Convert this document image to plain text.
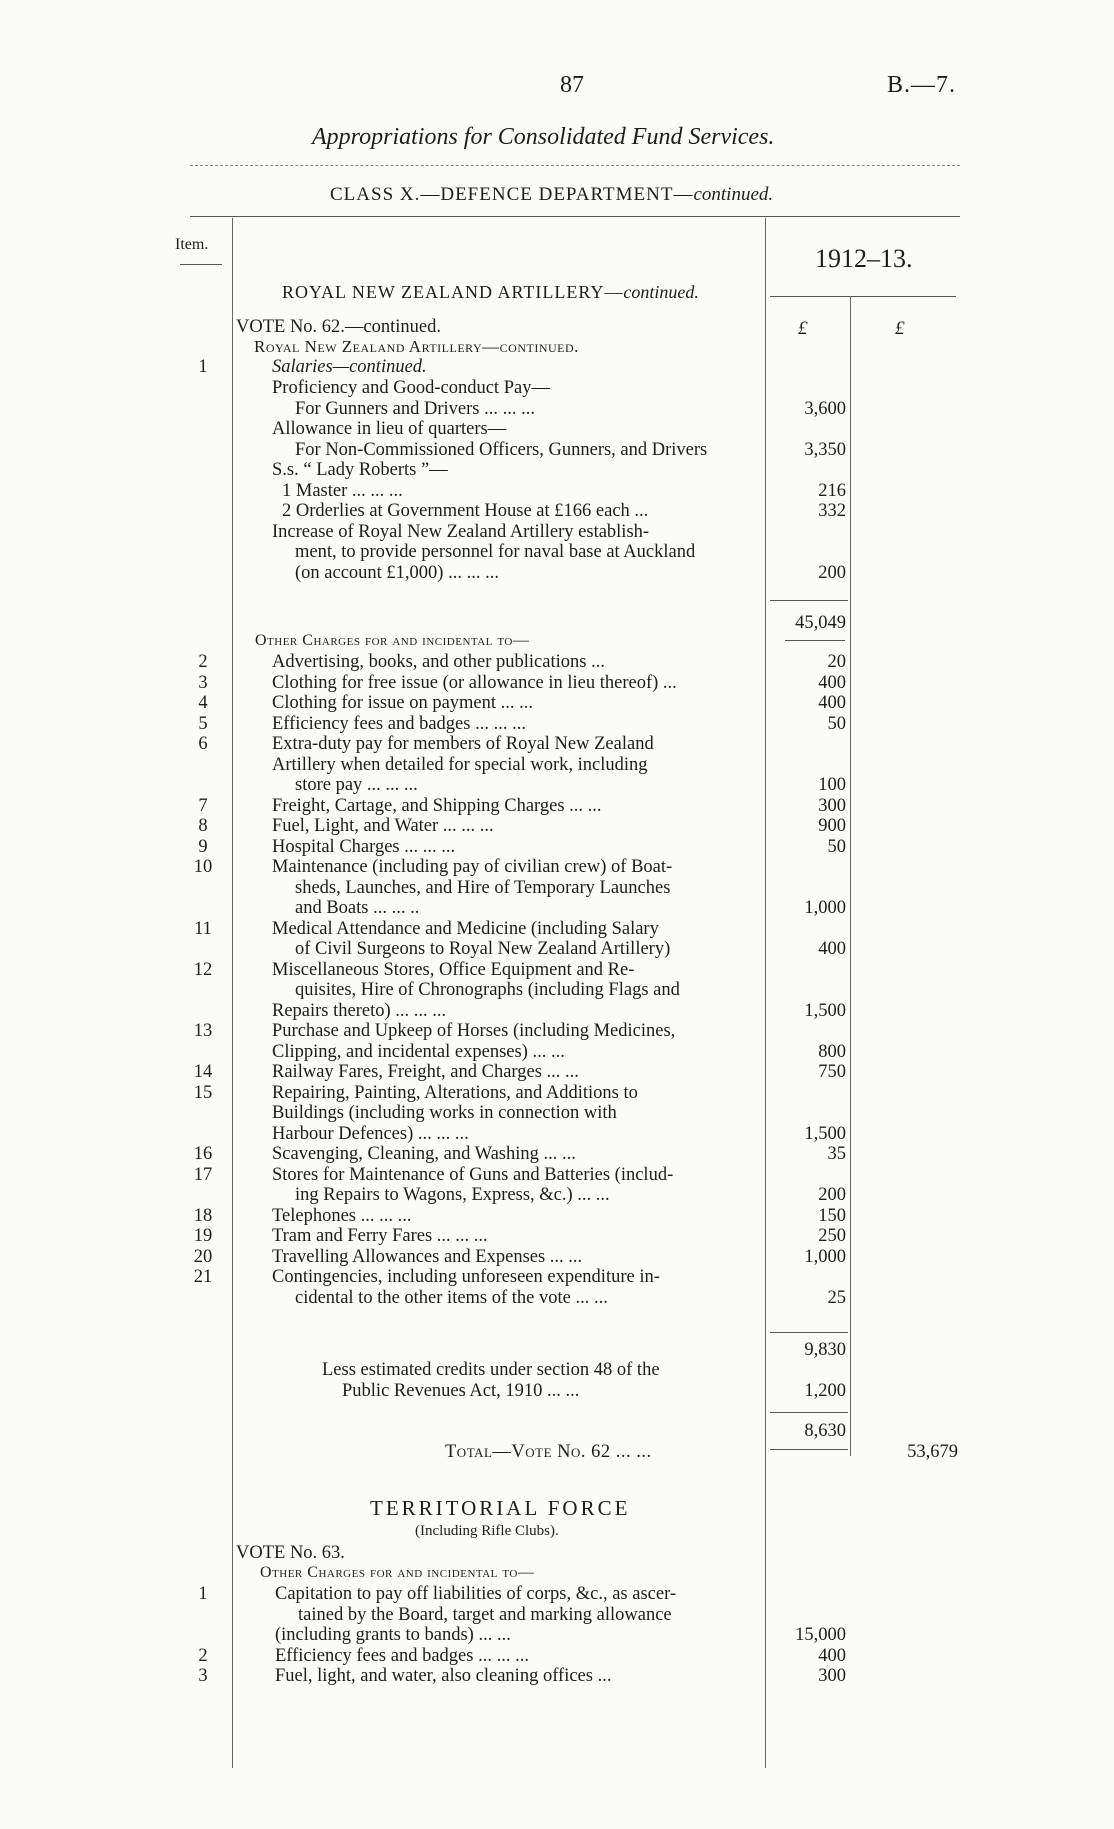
87	B.—7.
Appropriations for Consolidated Fund Services.
CLASS X.—DEFENCE DEPARTMENT—continued.
Item.	1912–13.
ROYAL NEW ZEALAND ARTILLERY—continued.
£	£
VOTE No. 62.—continued.
Royal New Zealand Artillery—continued.
1	Salaries—continued.
Proficiency and Good-conduct Pay—
For Gunners and Drivers ... ... ...	3,600
Allowance in lieu of quarters—
For Non-Commissioned Officers, Gunners, and Drivers	3,350
S.s. “ Lady Roberts ”—
1 Master ... ... ...	216
2 Orderlies at Government House at £166 each ...	332
Increase of Royal New Zealand Artillery establish-
ment, to provide personnel for naval base at Auckland
(on account £1,000) ... ... ...	200
45,049
Other Charges for and incidental to—
2	Advertising, books, and other publications ...	20
3	Clothing for free issue (or allowance in lieu thereof) ...	400
4	Clothing for issue on payment ... ...	400
5	Efficiency fees and badges ... ... ...	50
6	Extra-duty pay for members of Royal New Zealand
Artillery when detailed for special work, including
store pay ... ... ...	100
7	Freight, Cartage, and Shipping Charges ... ...	300
8	Fuel, Light, and Water ... ... ...	900
9	Hospital Charges ... ... ...	50
10	Maintenance (including pay of civilian crew) of Boat-
sheds, Launches, and Hire of Temporary Launches
and Boats ... ... ..	1,000
11	Medical Attendance and Medicine (including Salary
of Civil Surgeons to Royal New Zealand Artillery)	400
12	Miscellaneous Stores, Office Equipment and Re-
quisites, Hire of Chronographs (including Flags and
Repairs thereto) ... ... ...	1,500
13	Purchase and Upkeep of Horses (including Medicines,
Clipping, and incidental expenses) ... ...	800
14	Railway Fares, Freight, and Charges ... ...	750
15	Repairing, Painting, Alterations, and Additions to
Buildings (including works in connection with
Harbour Defences) ... ... ...	1,500
16	Scavenging, Cleaning, and Washing ... ...	35
17	Stores for Maintenance of Guns and Batteries (includ-
ing Repairs to Wagons, Express, &c.) ... ...	200
18	Telephones ... ... ...	150
19	Tram and Ferry Fares ... ... ...	250
20	Travelling Allowances and Expenses ... ...	1,000
21	Contingencies, including unforeseen expenditure in-
cidental to the other items of the vote ... ...	25
9,830
Less estimated credits under section 48 of the
Public Revenues Act, 1910 ... ...	1,200
8,630
Total—Vote No. 62 ... ...	53,679
TERRITORIAL FORCE
(Including Rifle Clubs).
VOTE No. 63.
Other Charges for and incidental to—
1	Capitation to pay off liabilities of corps, &c., as ascer-
tained by the Board, target and marking allowance
(including grants to bands) ... ...	15,000
2	Efficiency fees and badges ... ... ...	400
3	Fuel, light, and water, also cleaning offices ...	300
